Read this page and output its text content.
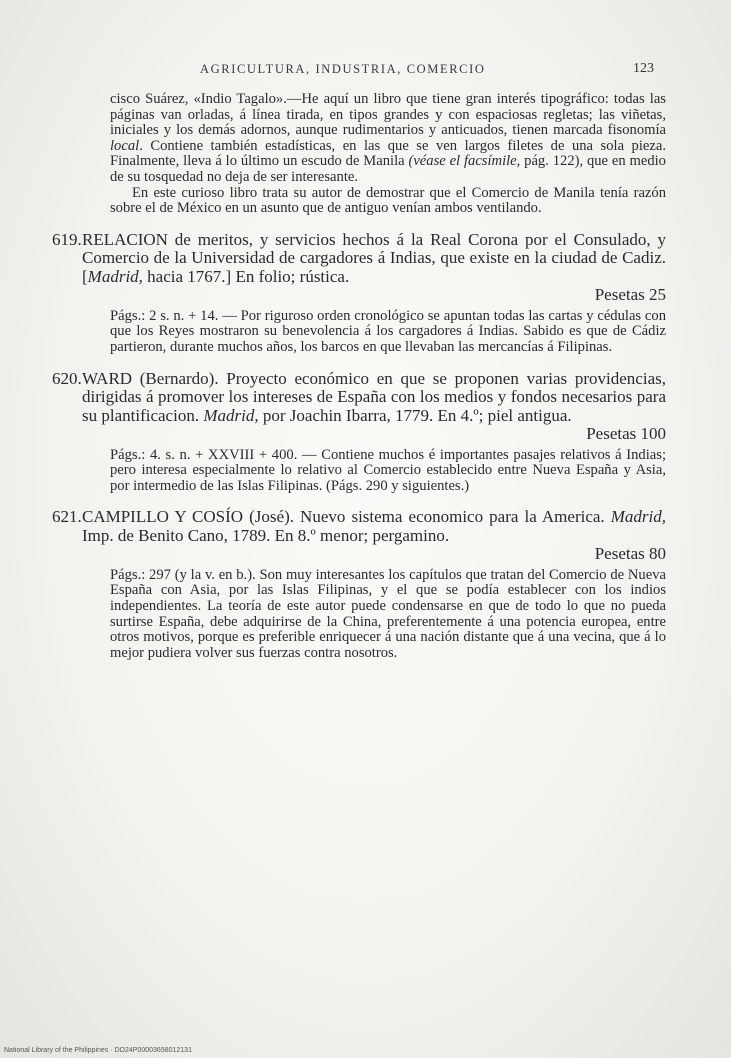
AGRICULTURA, INDUSTRIA, COMERCIO	123

cisco Suárez, «Indio Tagalo».—He aquí un libro que tiene gran interés tipográfico: todas las páginas van orladas, á línea tirada, en tipos grandes y con espaciosas regletas; las viñetas, iniciales y los demás adornos, aunque rudimentarios y anticuados, tienen marcada fisonomía local. Contiene también estadísticas, en las que se ven largos filetes de una sola pieza. Finalmente, lleva á lo último un escudo de Manila (véase el facsímile, pág. 122), que en medio de su tosquedad no deja de ser interesante.

En este curioso libro trata su autor de demostrar que el Comercio de Manila tenía razón sobre el de México en un asunto que de antiguo venían ambos ventilando.

619. RELACION de meritos, y servicios hechos á la Real Corona por el Consulado, y Comercio de la Universidad de cargadores á Indias, que existe en la ciudad de Cadiz. [Madrid, hacia 1767.] En folio; rústica.

Pesetas 25

Págs.: 2 s. n. + 14. — Por riguroso orden cronológico se apuntan todas las cartas y cédulas con que los Reyes mostraron su benevolencia á los cargadores á Indias. Sabido es que de Cádiz partieron, durante muchos años, los barcos en que llevaban las mercancías á Filipinas.

620. WARD (Bernardo). Proyecto económico en que se proponen varias providencias, dirigidas á promover los intereses de España con los medios y fondos necesarios para su plantificacion. Madrid, por Joachin Ibarra, 1779. En 4.º; piel antigua.

Pesetas 100

Págs.: 4. s. n. + XXVIII + 400. — Contiene muchos é importantes pasajes relativos á Indias; pero interesa especialmente lo relativo al Comercio establecido entre Nueva España y Asia, por intermedio de las Islas Filipinas. (Págs. 290 y siguientes.)

621. CAMPILLO Y COSÍO (José). Nuevo sistema economico para la America. Madrid, Imp. de Benito Cano, 1789. En 8.º menor; pergamino.

Pesetas 80

Págs.: 297 (y la v. en b.). Son muy interesantes los capítulos que tratan del Comercio de Nueva España con Asia, por las Islas Filipinas, y el que se podía establecer con los indios independientes. La teoría de este autor puede condensarse en que de todo lo que no pueda surtirse España, debe adquirirse de la China, preferentemente á una potencia europea, entre otros motivos, porque es preferible enriquecer á una nación distante que á una vecina, que á lo mejor pudiera volver sus fuerzas contra nosotros.

National Library of the Philippines · DO24P00003658012131
